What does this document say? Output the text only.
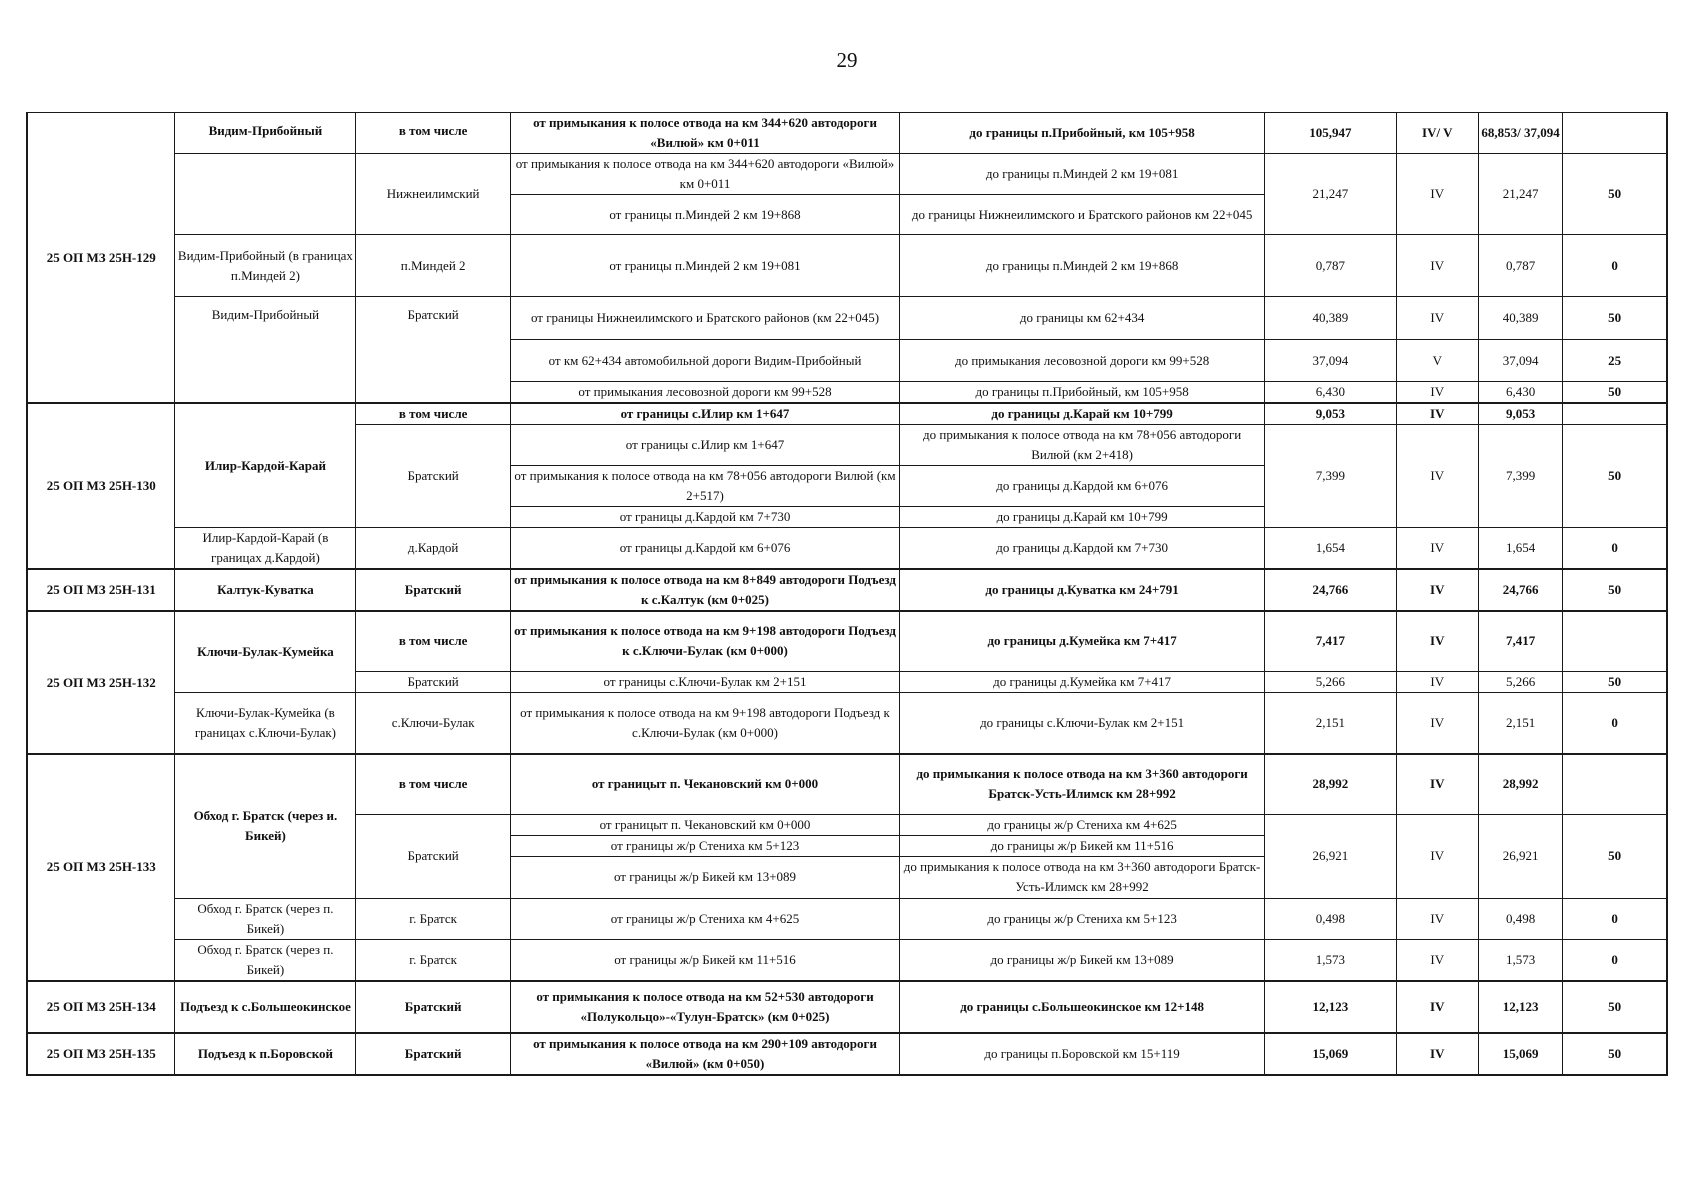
29
25 ОП МЗ 25Н-129	Видим-Прибойный	в том числе	от примыкания к полосе отвода на км 344+620 автодороги «Вилюй» км 0+011	до границы п.Прибойный, км 105+958	105,947	IV/ V	68,853/ 37,094	
		Нижнеилимский	от примыкания к полосе отвода на км 344+620 автодороги «Вилюй» км 0+011	до границы п.Миндей 2 км 19+081	21,247	IV	21,247	50
			от границы п.Миндей 2 км 19+868	до границы Нижнеилимского и Братского районов км 22+045				
	Видим-Прибойный (в границах п.Миндей 2)	п.Миндей 2	от границы п.Миндей 2 км 19+081	до границы п.Миндей 2 км 19+868	0,787	IV	0,787	0
	Видим-Прибойный	Братский	от границы Нижнеилимского и Братского районов (км 22+045)	до границы км 62+434	40,389	IV	40,389	50
			от км 62+434 автомобильной дороги Видим-Прибойный	до примыкания лесовозной дороги км 99+528	37,094	V	37,094	25
			от примыкания лесовозной дороги км 99+528	до границы п.Прибойный, км 105+958	6,430	IV	6,430	50
25 ОП МЗ 25Н-130	Илир-Кардой-Карай	в том числе	от границы с.Илир км 1+647	до границы д.Карай км 10+799	9,053	IV	9,053	
		Братский	от границы с.Илир км 1+647	до примыкания к полосе отвода на км 78+056 автодороги Вилюй (км 2+418)	7,399	IV	7,399	50
			от примыкания к полосе отвода на км 78+056 автодороги Вилюй (км 2+517)	до границы д.Кардой км 6+076				
			от границы д.Кардой км 7+730	до границы д.Карай км 10+799				
	Илир-Кардой-Карай (в границах д.Кардой)	д.Кардой	от границы д.Кардой км 6+076	до границы д.Кардой км 7+730	1,654	IV	1,654	0
25 ОП МЗ 25Н-131	Калтук-Куватка	Братский	от примыкания к полосе отвода на км 8+849 автодороги Подъезд к с.Калтук (км 0+025)	до границы д.Куватка км 24+791	24,766	IV	24,766	50
25 ОП МЗ 25Н-132	Ключи-Булак-Кумейка	в том числе	от примыкания к полосе отвода на км 9+198 автодороги Подъезд к с.Ключи-Булак (км 0+000)	до границы д.Кумейка км 7+417	7,417	IV	7,417	
		Братский	от границы с.Ключи-Булак км 2+151	до границы д.Кумейка км 7+417	5,266	IV	5,266	50
	Ключи-Булак-Кумейка (в границах с.Ключи-Булак)	с.Ключи-Булак	от примыкания к полосе отвода на км 9+198 автодороги Подъезд к с.Ключи-Булак (км 0+000)	до границы с.Ключи-Булак км 2+151	2,151	IV	2,151	0
25 ОП МЗ 25Н-133	Обход г. Братск (через и. Бикей)	в том числе	от границыт п. Чекановский км 0+000	до примыкания к полосе отвода на км 3+360 автодороги Братск-Усть-Илимск км 28+992	28,992	IV	28,992	
		Братский	от границыт п. Чекановский км 0+000	до границы ж/р Стениха км 4+625	26,921	IV	26,921	50
			от границы ж/р Стениха км 5+123	до границы ж/р Бикей км 11+516				
			от границы ж/р Бикей км 13+089	до примыкания к полосе отвода на км 3+360 автодороги Братск-Усть-Илимск км 28+992				
	Обход г. Братск (через п. Бикей)	г. Братск	от границы ж/р Стениха км 4+625	до границы ж/р Стениха км 5+123	0,498	IV	0,498	0
	Обход г. Братск (через п. Бикей)	г. Братск	от границы ж/р Бикей км 11+516	до границы ж/р Бикей км 13+089	1,573	IV	1,573	0
25 ОП МЗ 25Н-134	Подъезд к с.Большеокинское	Братский	от примыкания к полосе отвода на км 52+530 автодороги «Полукольцо»-«Тулун-Братск» (км 0+025)	до границы с.Большеокинское км 12+148	12,123	IV	12,123	50
25 ОП МЗ 25Н-135	Подъезд к п.Боровской	Братский	от примыкания к полосе отвода на км 290+109 автодороги «Вилюй» (км 0+050)	до границы п.Боровской км 15+119	15,069	IV	15,069	50
